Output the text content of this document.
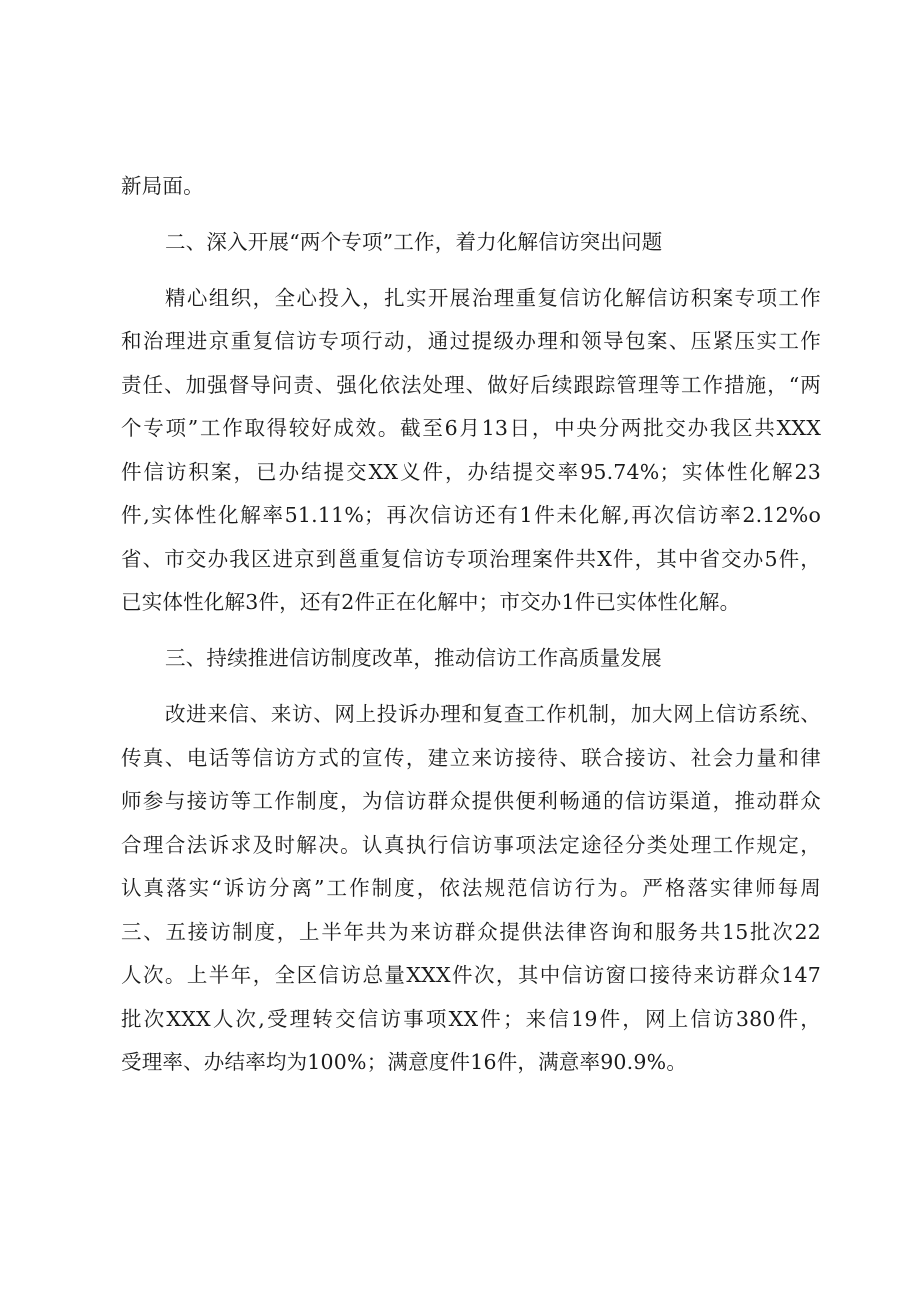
新局面。
二、深入开展“两个专项”工作，着力化解信访突出问题
精心组织，全心投入，扎实开展治理重复信访化解信访积案专项工作
和治理进京重复信访专项行动，通过提级办理和领导包案、压紧压实工作
责任、加强督导问责、强化依法处理、做好后续跟踪管理等工作措施，“两
个专项”工作取得较好成效。截至6月13日，中央分两批交办我区共XXX
件信访积案，已办结提交XX义件，办结提交率95.74%；实体性化解23
件,实体性化解率51.11%；再次信访还有1件未化解,再次信访率2.12%o
省、市交办我区进京到邕重复信访专项治理案件共X件，其中省交办5件，
已实体性化解3件，还有2件正在化解中；市交办1件已实体性化解。
三、持续推进信访制度改革，推动信访工作高质量发展
改进来信、来访、网上投诉办理和复查工作机制，加大网上信访系统、
传真、电话等信访方式的宣传，建立来访接待、联合接访、社会力量和律
师参与接访等工作制度，为信访群众提供便利畅通的信访渠道，推动群众
合理合法诉求及时解决。认真执行信访事项法定途径分类处理工作规定，
认真落实“诉访分离”工作制度，依法规范信访行为。严格落实律师每周
三、五接访制度，上半年共为来访群众提供法律咨询和服务共15批次22
人次。上半年，全区信访总量XXX件次，其中信访窗口接待来访群众147
批次XXX人次,受理转交信访事项XX件；来信19件，网上信访380件，
受理率、办结率均为100%；满意度件16件，满意率90.9%。
